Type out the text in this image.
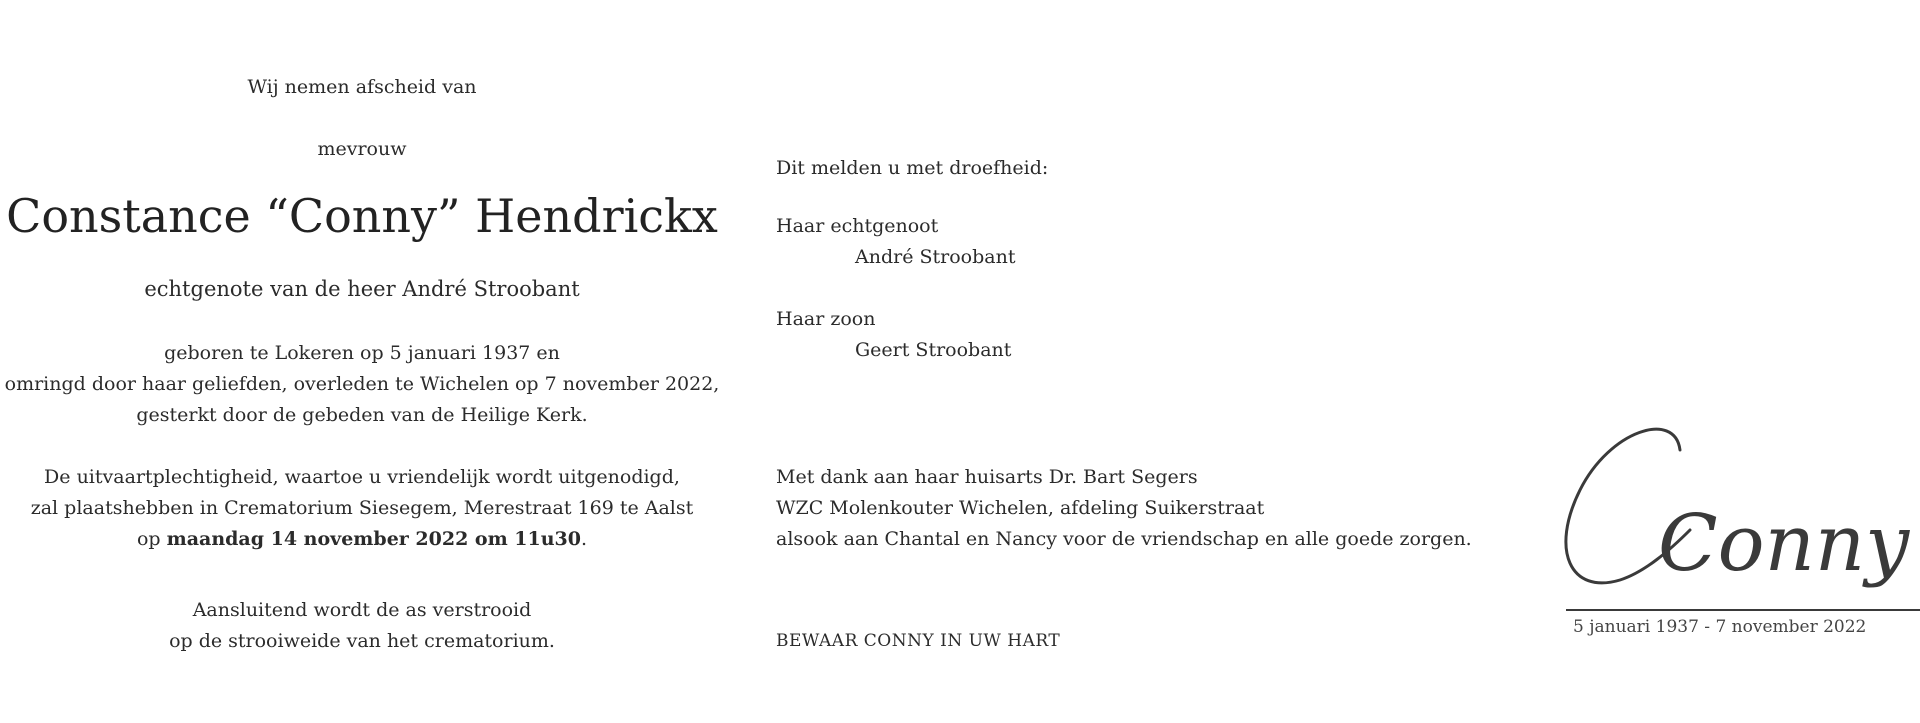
Wij nemen afscheid van
mevrouw
Constance “Conny” Hendrickx
echtgenote van de heer André Stroobant
geboren te Lokeren op 5 januari 1937 en
omringd door haar geliefden, overleden te Wichelen op 7 november 2022,
gesterkt door de gebeden van de Heilige Kerk.
De uitvaartplechtigheid, waartoe u vriendelijk wordt uitgenodigd,
zal plaatshebben in Crematorium Siesegem, Merestraat 169 te Aalst
op maandag 14 november 2022 om 11u30.
Aansluitend wordt de as verstrooid
op de strooiweide van het crematorium.
Dit melden u met droefheid:
Haar echtgenoot
André Stroobant
Haar zoon
Geert Stroobant
Met dank aan haar huisarts Dr. Bart Segers
WZC Molenkouter Wichelen, afdeling Suikerstraat
alsook aan Chantal en Nancy voor de vriendschap en alle goede zorgen.
BEWAAR CONNY IN UW HART
Conny
5 januari 1937 - 7 november 2022
